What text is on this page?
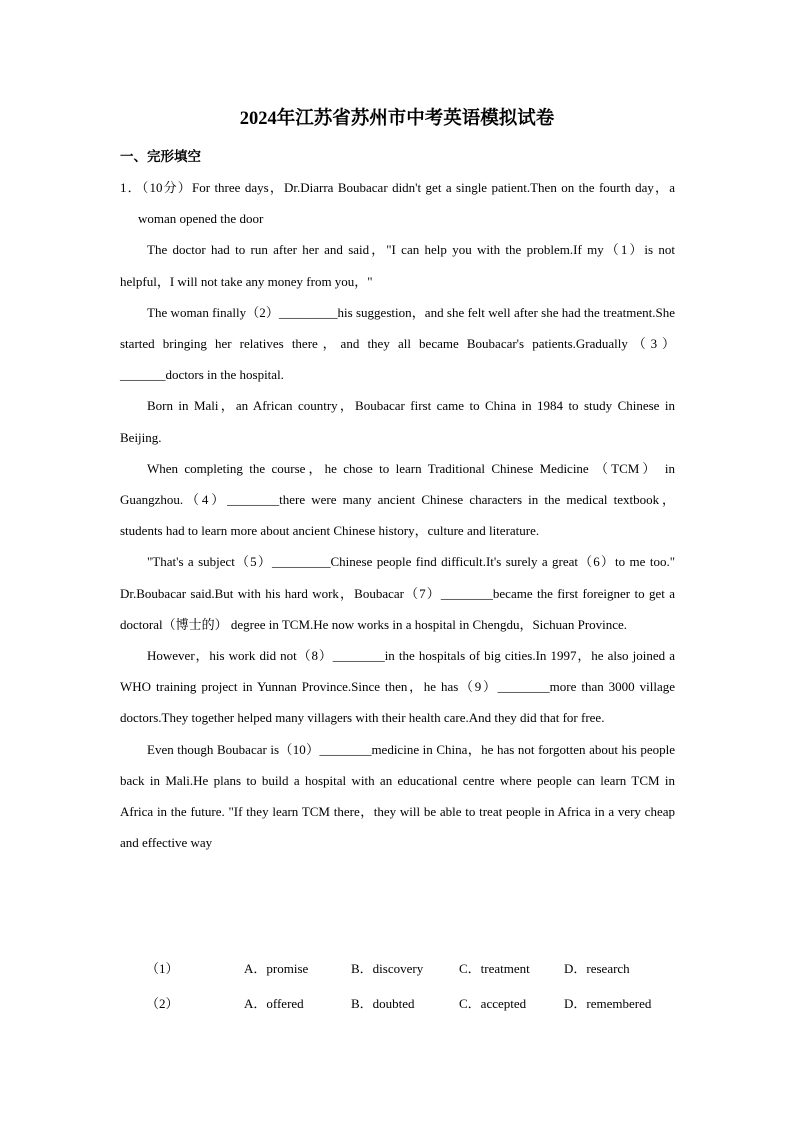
2024年江苏省苏州市中考英语模拟试卷
一、完形填空

1．（10分）For three days，Dr.Diarra Boubacar didn't get a single patient.Then on the fourth day，a woman opened the door

The doctor had to run after her and said，"I can help you with the problem.If my（1）is not helpful，I will not take any money from you，"

The woman finally（2）_________his suggestion，and she felt well after she had the treatment.She started bringing her relatives there，and they all became Boubacar's patients.Gradually（3）_______doctors in the hospital.

Born in Mali，an African country，Boubacar first came to China in 1984 to study Chinese in Beijing.

When completing the course，he chose to learn Traditional Chinese Medicine （TCM） in Guangzhou.（4）________there were many ancient Chinese characters in the medical textbook，students had to learn more about ancient Chinese history，culture and literature.

"That's a subject（5）_________Chinese people find difficult.It's surely a great（6）to me too." Dr.Boubacar said.But with his hard work，Boubacar（7）________became the first foreigner to get a doctoral（博士的） degree in TCM.He now works in a hospital in Chengdu，Sichuan Province.

However，his work did not（8）________in the hospitals of big cities.In 1997，he also joined a WHO training project in Yunnan Province.Since then，he has（9）________more than 3000 village doctors.They together helped many villagers with their health care.And they did that for free.

Even though Boubacar is（10）________medicine in China，he has not forgotten about his people back in Mali.He plans to build a hospital with an educational centre where people can learn TCM in Africa in the future. "If they learn TCM there，they will be able to treat people in Africa in a very cheap and effective way

（1）	A．promise	B．discovery	C．treatment	D．research
（2）	A．offered	B．doubted	C．accepted	D．remembered
